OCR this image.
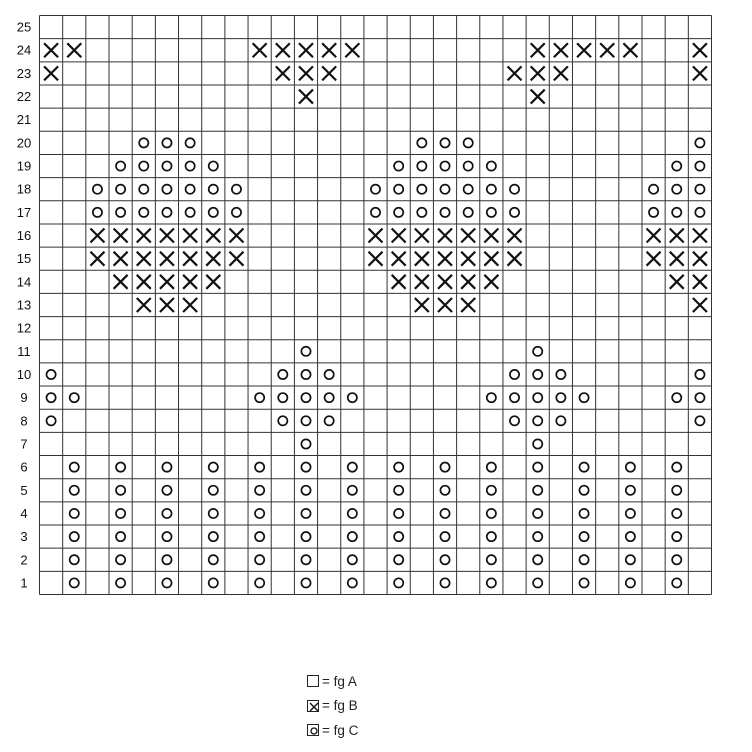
25
24
23
22
21
20
19
18
17
16
15
14
13
12
11
10
9
8
7
6
5
4
3
2
1
= fg A
= fg B
= fg C
